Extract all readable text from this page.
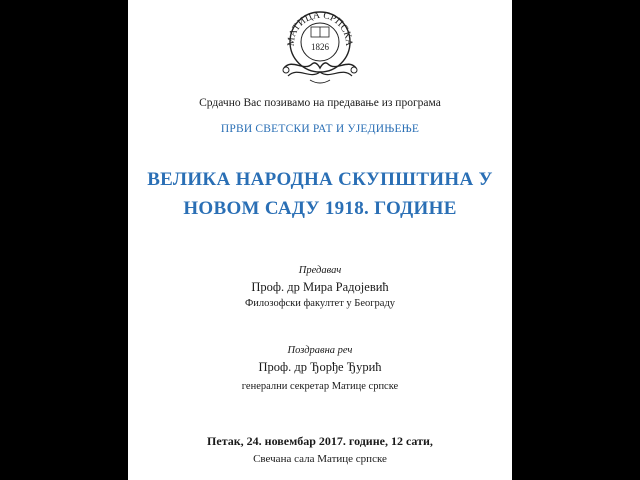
МАТИЦА СРПСКА
1826
Срдачно Вас позивамо на предавање из програма
ПРВИ СВЕТСКИ РАТ И УЈЕДИЊЕЊЕ
ВЕЛИКА НАРОДНА СКУПШТИНА У
НОВОМ САДУ 1918. ГОДИНЕ
Предавач
Проф. др Мира Радојевић
Филозофски факултет у Београду
Поздравна реч
Проф. др Ђорђе Ђурић
генерални секретар Матице српске
Петак, 24. новембар 2017. године, 12 сати,
Свечана сала Матице српске
